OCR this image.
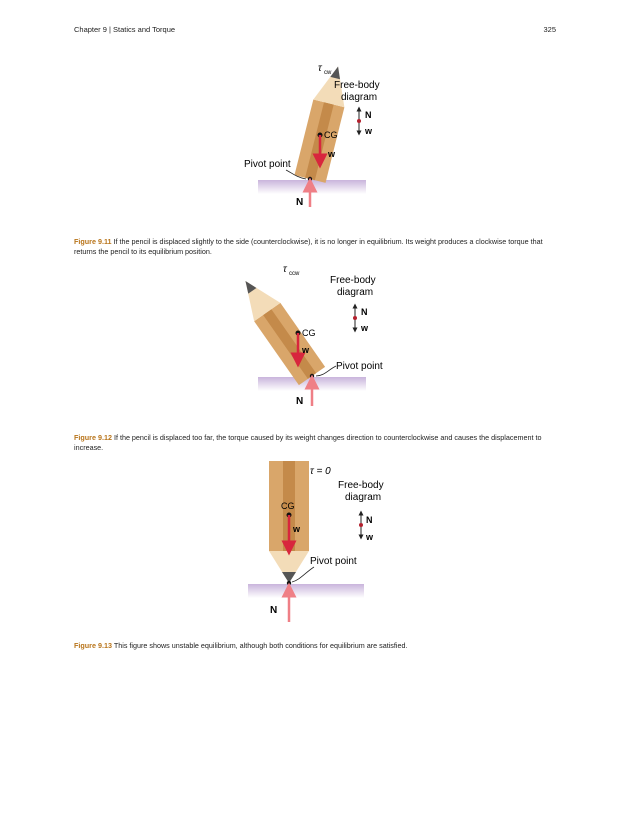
Chapter 9 | Statics and Torque	325
CG
w
Pivot point
N
τ cw
Free-body
diagram
N
w
Figure 9.11 If the pencil is displaced slightly to the side (counterclockwise), it is no longer in equilibrium. Its weight produces a clockwise torque that returns the pencil to its equilibrium position.
CG
w
Pivot point
N
τ ccw
Free-body
diagram
N
w
Figure 9.12 If the pencil is displaced too far, the torque caused by its weight changes direction to counterclockwise and causes the displacement to increase.
CG
w
Pivot point
N
τ = 0
Free-body
diagram
N
w
Figure 9.13 This figure shows unstable equilibrium, although both conditions for equilibrium are satisfied.
